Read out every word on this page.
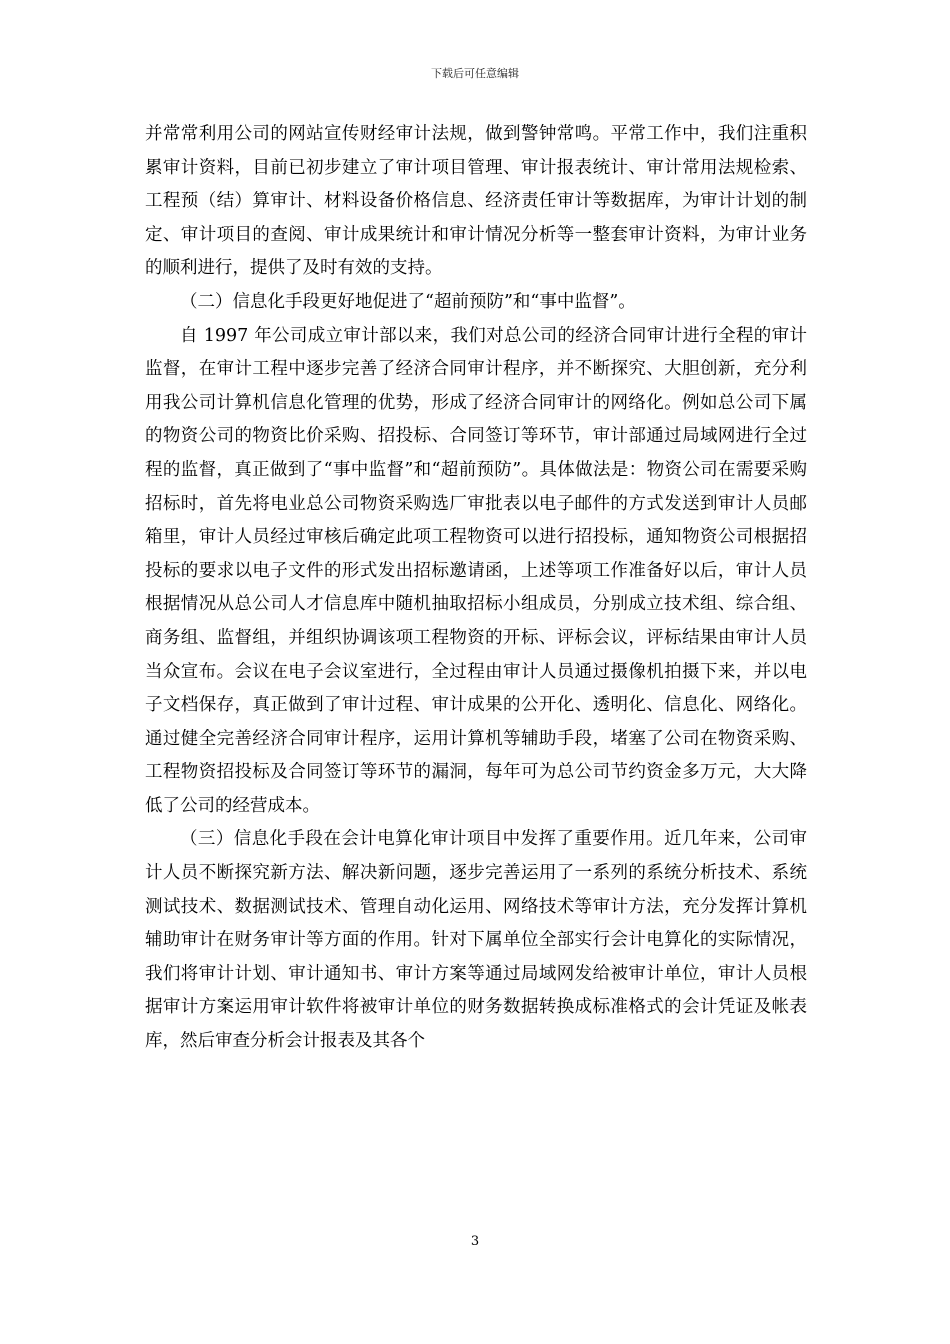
下载后可任意编辑

并常常利用公司的网站宣传财经审计法规，做到警钟常鸣。平常工作中，我们注重积累审计资料，目前已初步建立了审计项目管理、审计报表统计、审计常用法规检索、工程预（结）算审计、材料设备价格信息、经济责任审计等数据库，为审计计划的制定、审计项目的查阅、审计成果统计和审计情况分析等一整套审计资料，为审计业务的顺利进行，提供了及时有效的支持。

（二）信息化手段更好地促进了“超前预防”和“事中监督”。

自 1997 年公司成立审计部以来，我们对总公司的经济合同审计进行全程的审计监督，在审计工程中逐步完善了经济合同审计程序，并不断探究、大胆创新，充分利用我公司计算机信息化管理的优势，形成了经济合同审计的网络化。例如总公司下属的物资公司的物资比价采购、招投标、合同签订等环节，审计部通过局域网进行全过程的监督，真正做到了“事中监督”和“超前预防”。具体做法是：物资公司在需要采购招标时，首先将电业总公司物资采购选厂审批表以电子邮件的方式发送到审计人员邮箱里，审计人员经过审核后确定此项工程物资可以进行招投标，通知物资公司根据招投标的要求以电子文件的形式发出招标邀请函，上述等项工作准备好以后，审计人员根据情况从总公司人才信息库中随机抽取招标小组成员，分别成立技术组、综合组、商务组、监督组，并组织协调该项工程物资的开标、评标会议，评标结果由审计人员当众宣布。会议在电子会议室进行，全过程由审计人员通过摄像机拍摄下来，并以电子文档保存，真正做到了审计过程、审计成果的公开化、透明化、信息化、网络化。通过健全完善经济合同审计程序，运用计算机等辅助手段，堵塞了公司在物资采购、工程物资招投标及合同签订等环节的漏洞，每年可为总公司节约资金多万元，大大降低了公司的经营成本。

（三）信息化手段在会计电算化审计项目中发挥了重要作用。近几年来，公司审计人员不断探究新方法、解决新问题，逐步完善运用了一系列的系统分析技术、系统测试技术、数据测试技术、管理自动化运用、网络技术等审计方法，充分发挥计算机辅助审计在财务审计等方面的作用。针对下属单位全部实行会计电算化的实际情况，我们将审计计划、审计通知书、审计方案等通过局域网发给被审计单位，审计人员根据审计方案运用审计软件将被审计单位的财务数据转换成标准格式的会计凭证及帐表库，然后审查分析会计报表及其各个

3
